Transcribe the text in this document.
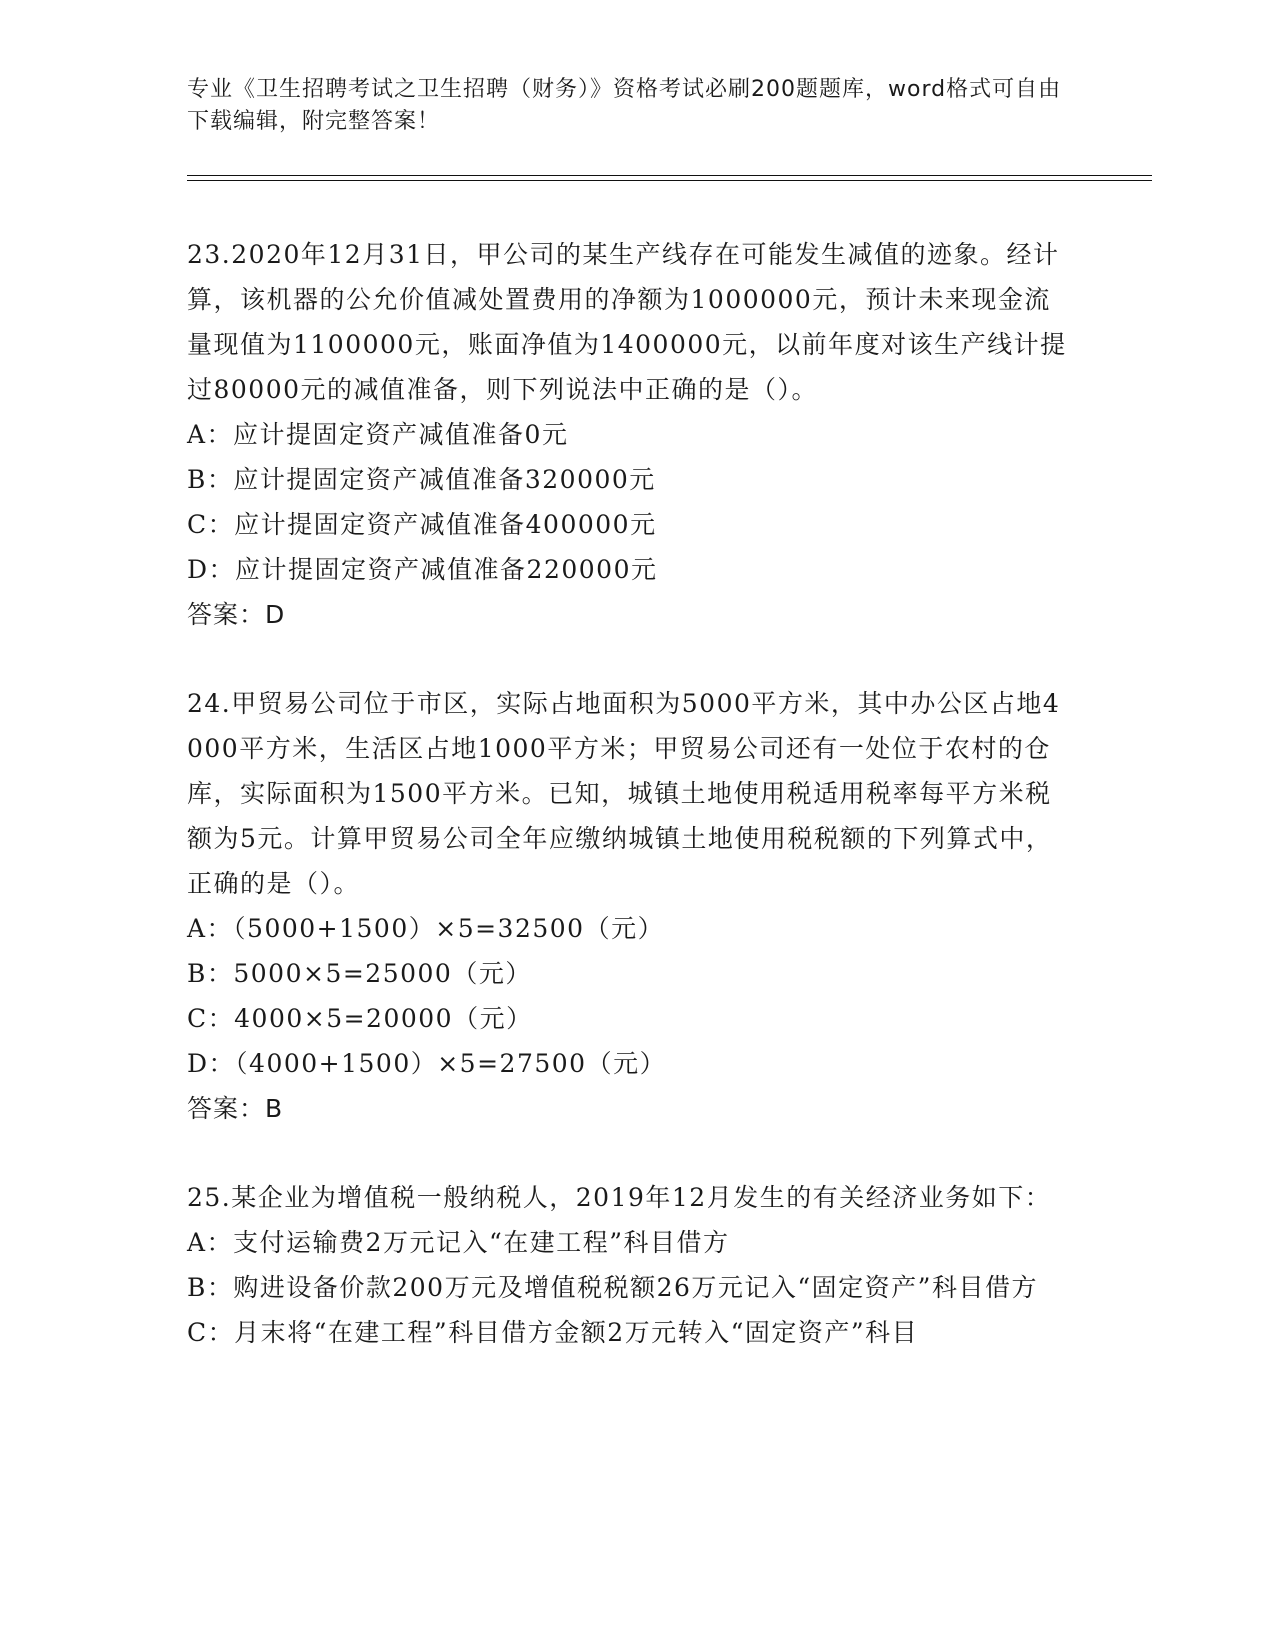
专业《卫生招聘考试之卫生招聘（财务）》资格考试必刷200题题库，word格式可自由下载编辑，附完整答案！

23.2020年12月31日，甲公司的某生产线存在可能发生减值的迹象。经计算，该机器的公允价值减处置费用的净额为1000000元，预计未来现金流量现值为1100000元，账面净值为1400000元，以前年度对该生产线计提过80000元的减值准备，则下列说法中正确的是（）。

A：应计提固定资产减值准备0元

B：应计提固定资产减值准备320000元

C：应计提固定资产减值准备400000元

D：应计提固定资产减值准备220000元

答案：D

24.甲贸易公司位于市区，实际占地面积为5000平方米，其中办公区占地4000平方米，生活区占地1000平方米；甲贸易公司还有一处位于农村的仓库，实际面积为1500平方米。已知，城镇土地使用税适用税率每平方米税额为5元。计算甲贸易公司全年应缴纳城镇土地使用税税额的下列算式中，正确的是（）。

A：（5000+1500）×5=32500（元）

B：5000×5=25000（元）

C：4000×5=20000（元）

D：（4000+1500）×5=27500（元）

答案：B

25.某企业为增值税一般纳税人，2019年12月发生的有关经济业务如下：

A：支付运输费2万元记入“在建工程”科目借方

B：购进设备价款200万元及增值税税额26万元记入“固定资产”科目借方

C：月末将“在建工程”科目借方金额2万元转入“固定资产”科目
